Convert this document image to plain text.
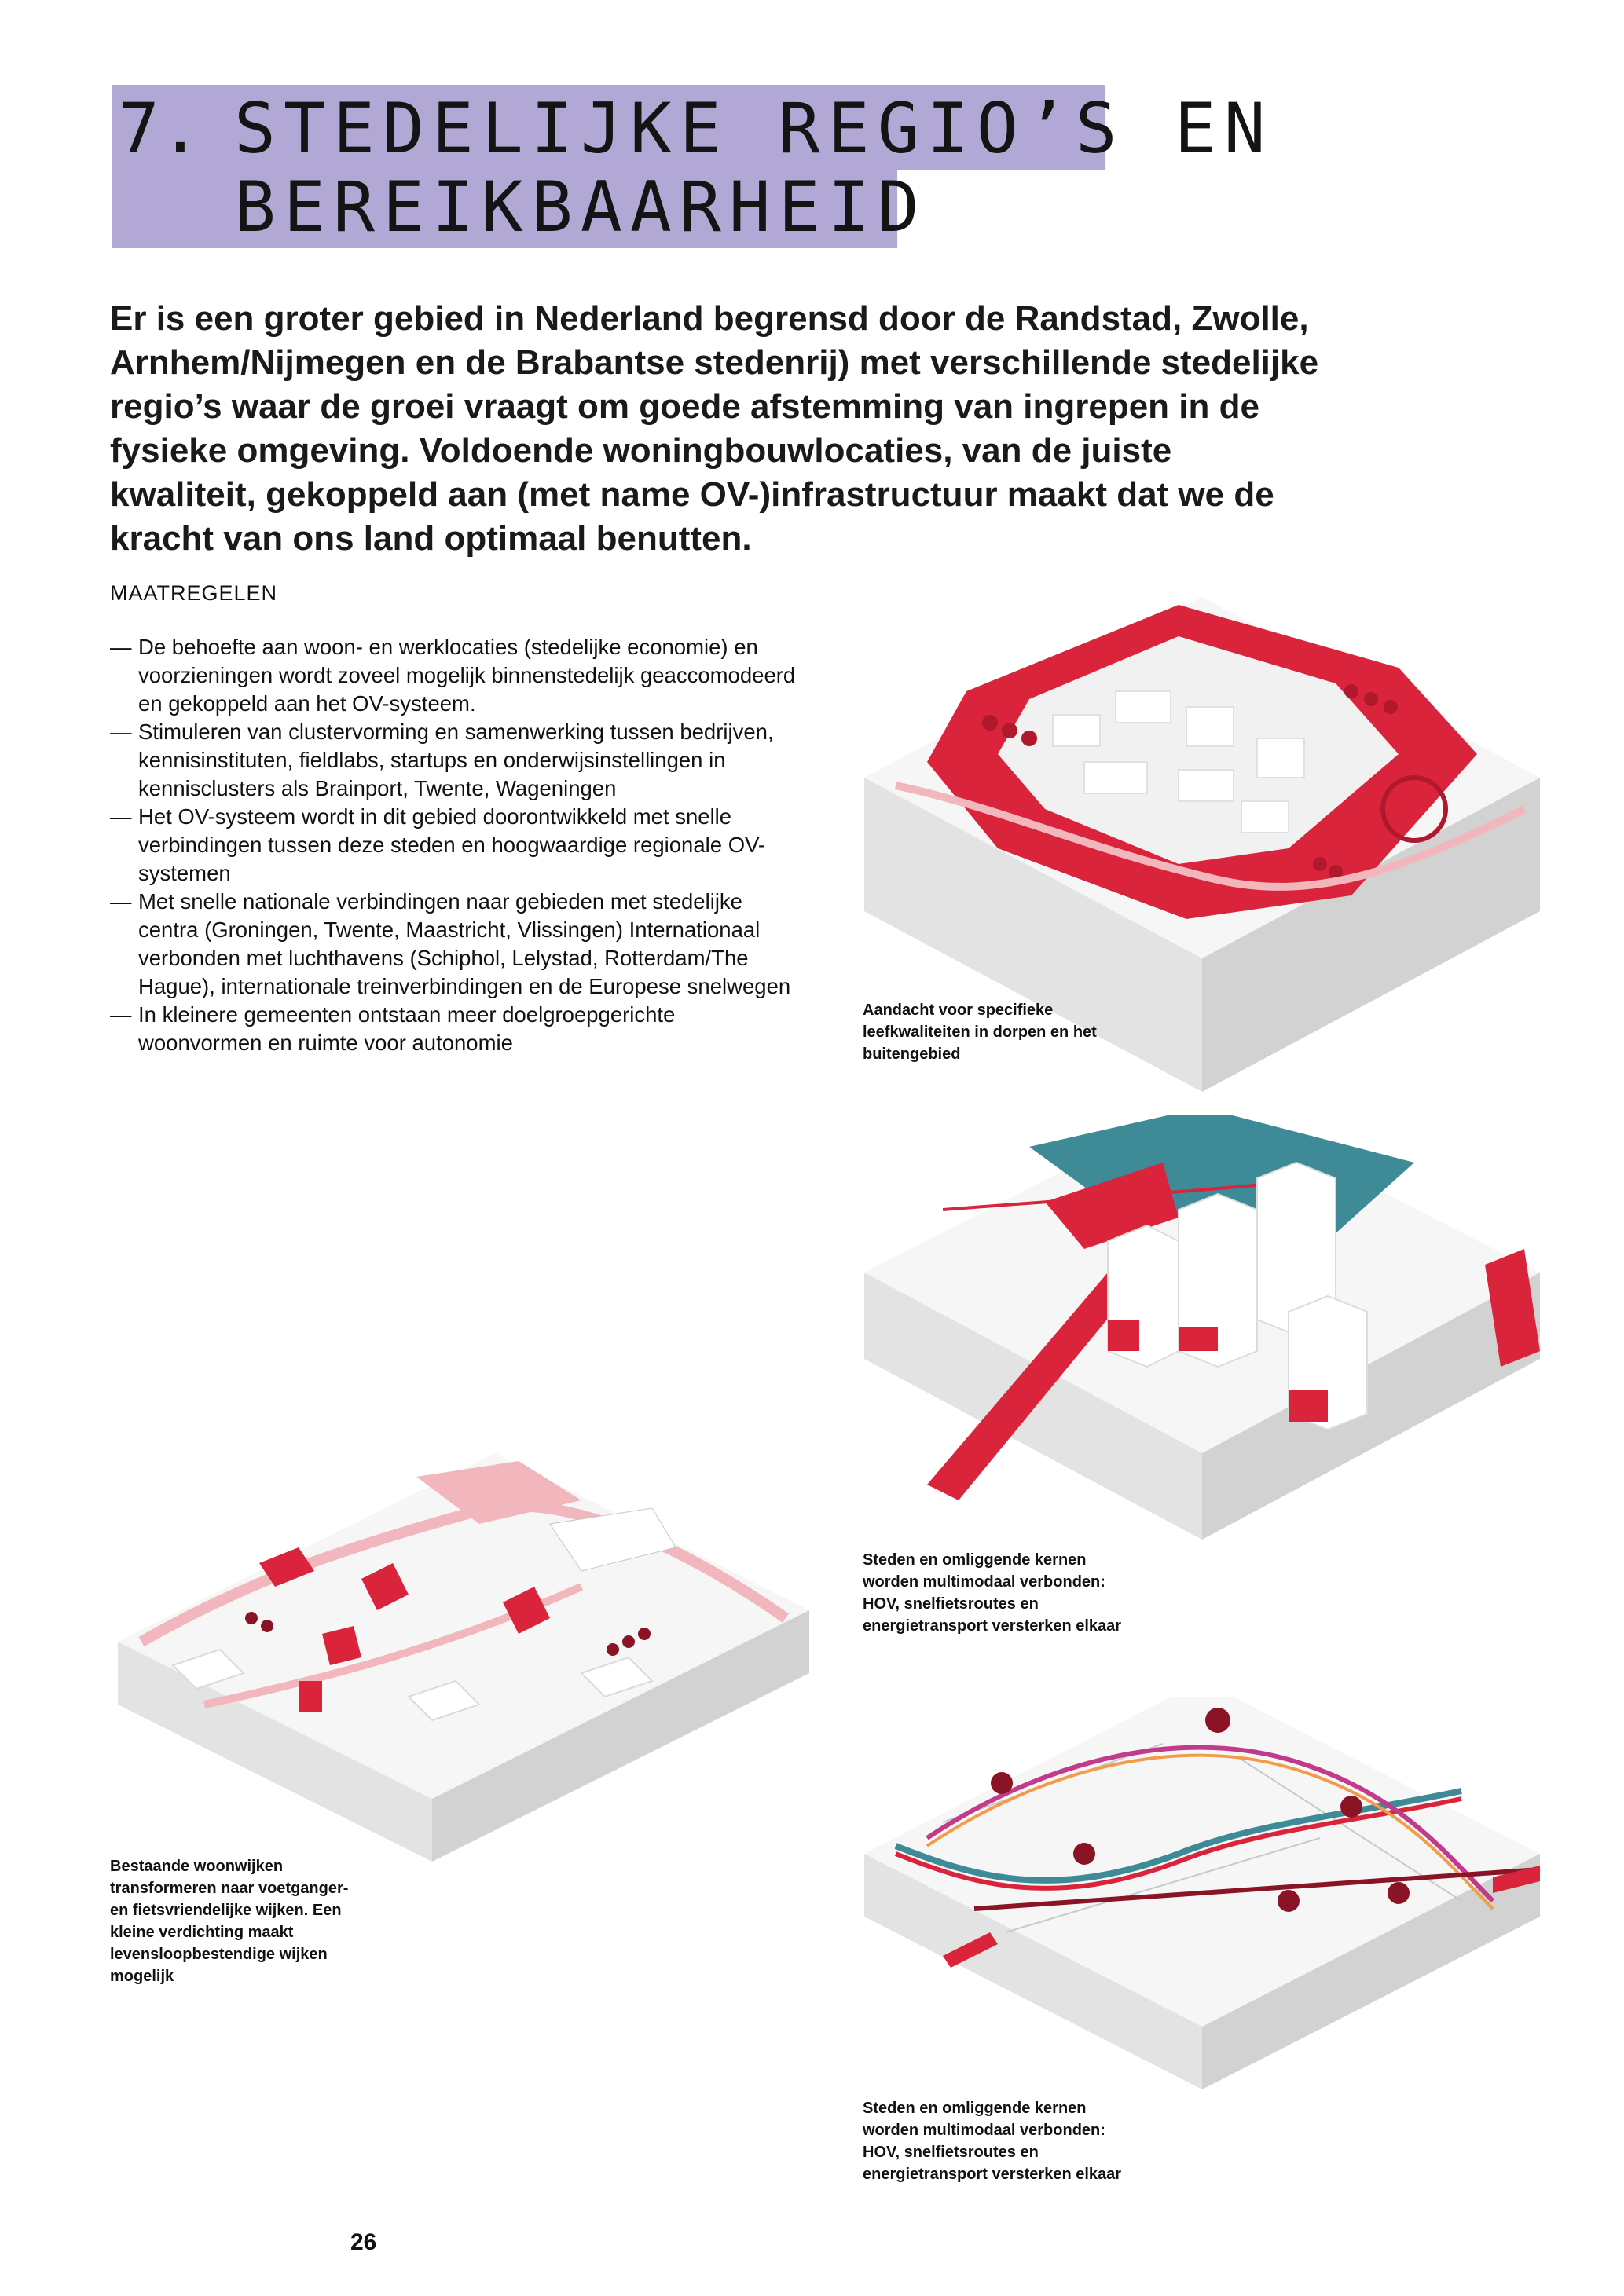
7. STEDELIJKE REGIO’S EN
BEREIKBAARHEID
Er is een groter gebied in Nederland begrensd door de Randstad, Zwolle, Arnhem/Nijmegen en de Brabantse stedenrij) met verschillende stedelijke regio’s waar de groei vraagt om goede afstemming van ingrepen in de fysieke omgeving. Voldoende woningbouwlocaties, van de juiste kwaliteit, gekoppeld aan (met name OV-)infrastructuur maakt dat we de kracht van ons land optimaal benutten.
MAATREGELEN
— De behoefte aan woon- en werklocaties (stedelijke economie) en voorzieningen wordt zoveel mogelijk binnenstedelijk geaccomodeerd en gekoppeld aan het OV-systeem.
— Stimuleren van clustervorming en samenwerking tussen bedrijven, kennisinstituten, fieldlabs, startups en onderwijsinstellingen in kennisclusters als Brainport, Twente, Wageningen
— Het OV-systeem wordt in dit gebied doorontwikkeld met snelle verbindingen tussen deze steden en hoogwaardige regionale OV-systemen
— Met snelle nationale verbindingen naar gebieden met stedelijke centra (Groningen, Twente, Maastricht, Vlissingen) Internationaal verbonden met luchthavens (Schiphol, Lelystad, Rotterdam/The Hague), internationale treinverbindingen en de Europese snelwegen
— In kleinere gemeenten ontstaan meer doelgroepgerichte woonvormen en ruimte voor autonomie
Aandacht voor specifieke leefkwaliteiten in dorpen en het buitengebied
Steden en omliggende kernen worden multimodaal verbonden: HOV, snelfietsroutes en energietransport versterken elkaar
Bestaande woonwijken transformeren naar voetganger- en fietsvriendelijke wijken. Een kleine verdichting maakt levensloopbestendige wijken mogelijk
Steden en omliggende kernen worden multimodaal verbonden: HOV, snelfietsroutes en energietransport versterken elkaar
26
